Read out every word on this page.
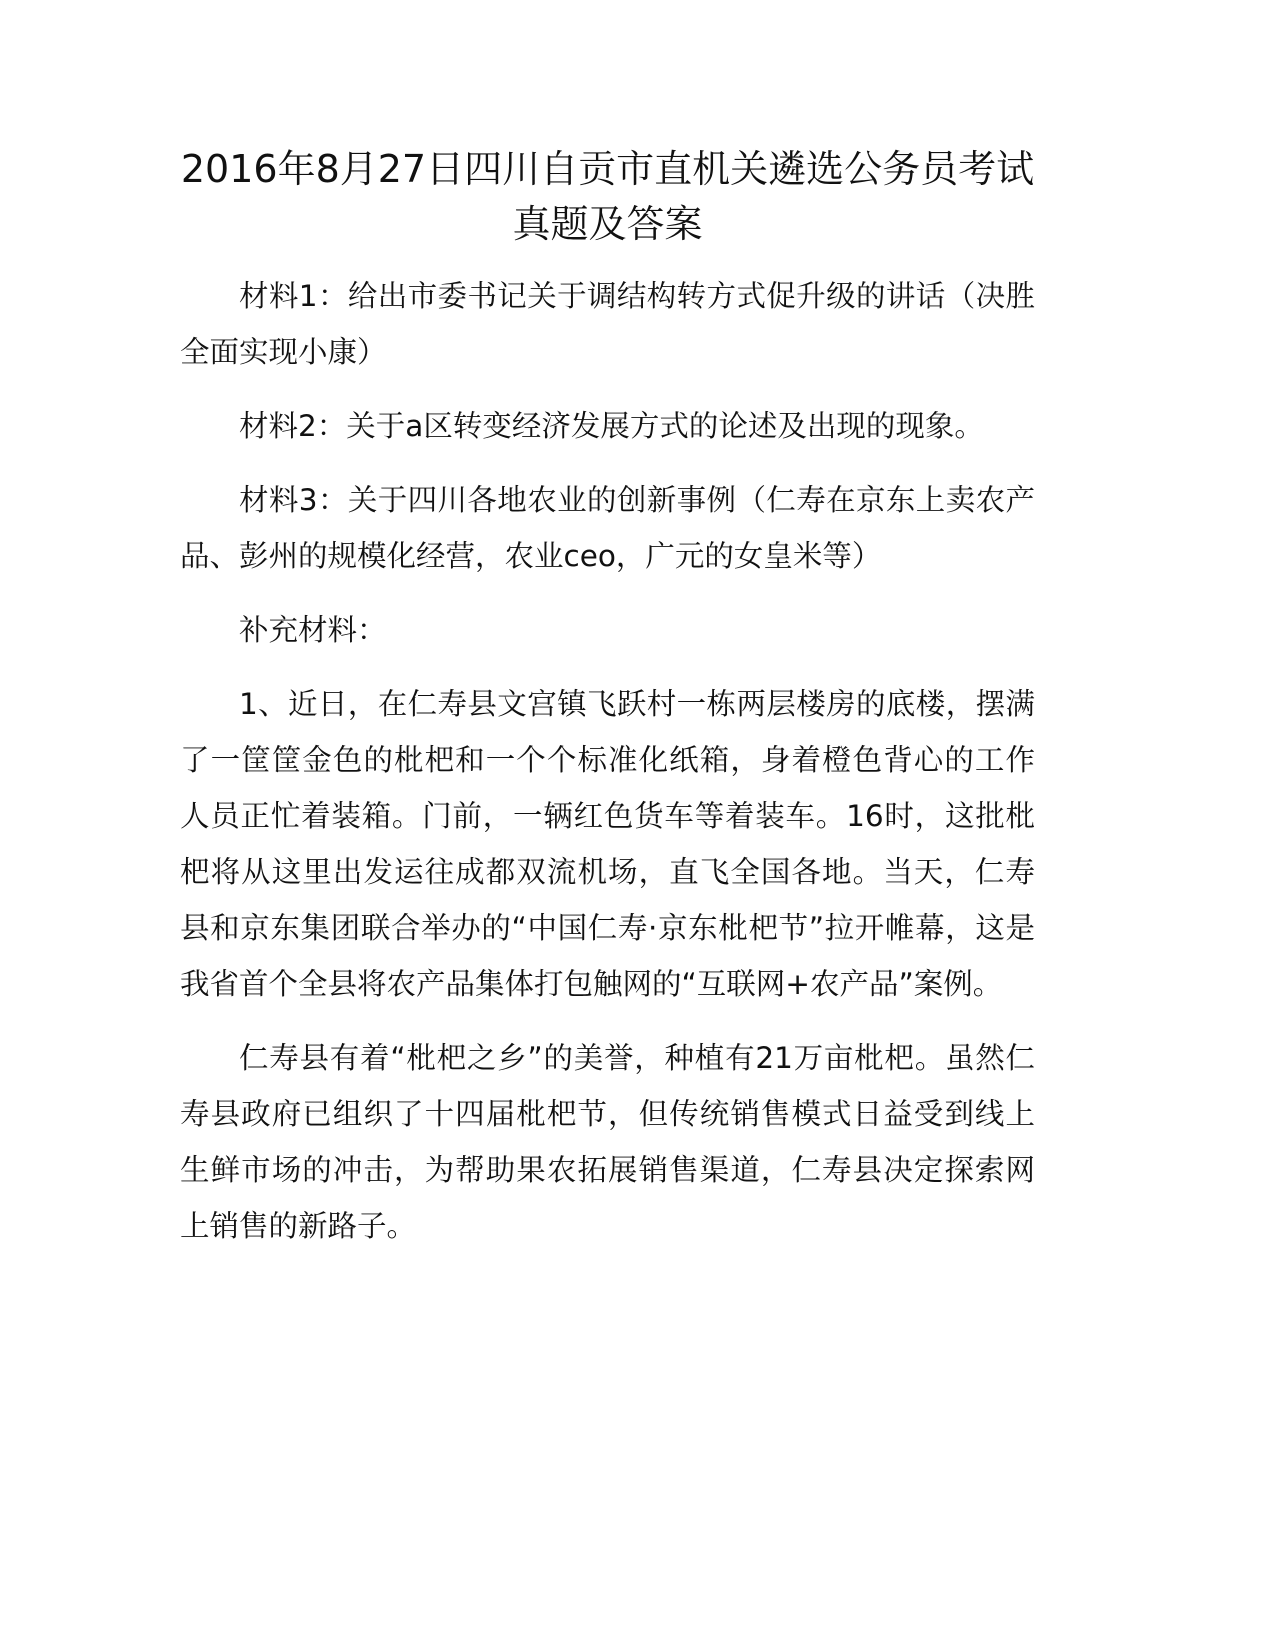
2016年8月27日四川自贡市直机关遴选公务员考试真题及答案

材料1：给出市委书记关于调结构转方式促升级的讲话（决胜全面实现小康）

材料2：关于a区转变经济发展方式的论述及出现的现象。

材料3：关于四川各地农业的创新事例（仁寿在京东上卖农产品、彭州的规模化经营，农业ceo，广元的女皇米等）

补充材料：

1、近日，在仁寿县文宫镇飞跃村一栋两层楼房的底楼，摆满了一筐筐金色的枇杷和一个个标准化纸箱，身着橙色背心的工作人员正忙着装箱。门前，一辆红色货车等着装车。16时，这批枇杷将从这里出发运往成都双流机场，直飞全国各地。当天，仁寿县和京东集团联合举办的“中国仁寿·京东枇杷节”拉开帷幕，这是我省首个全县将农产品集体打包触网的“互联网+农产品”案例。

仁寿县有着“枇杷之乡”的美誉，种植有21万亩枇杷。虽然仁寿县政府已组织了十四届枇杷节，但传统销售模式日益受到线上生鲜市场的冲击，为帮助果农拓展销售渠道，仁寿县决定探索网上销售的新路子。
